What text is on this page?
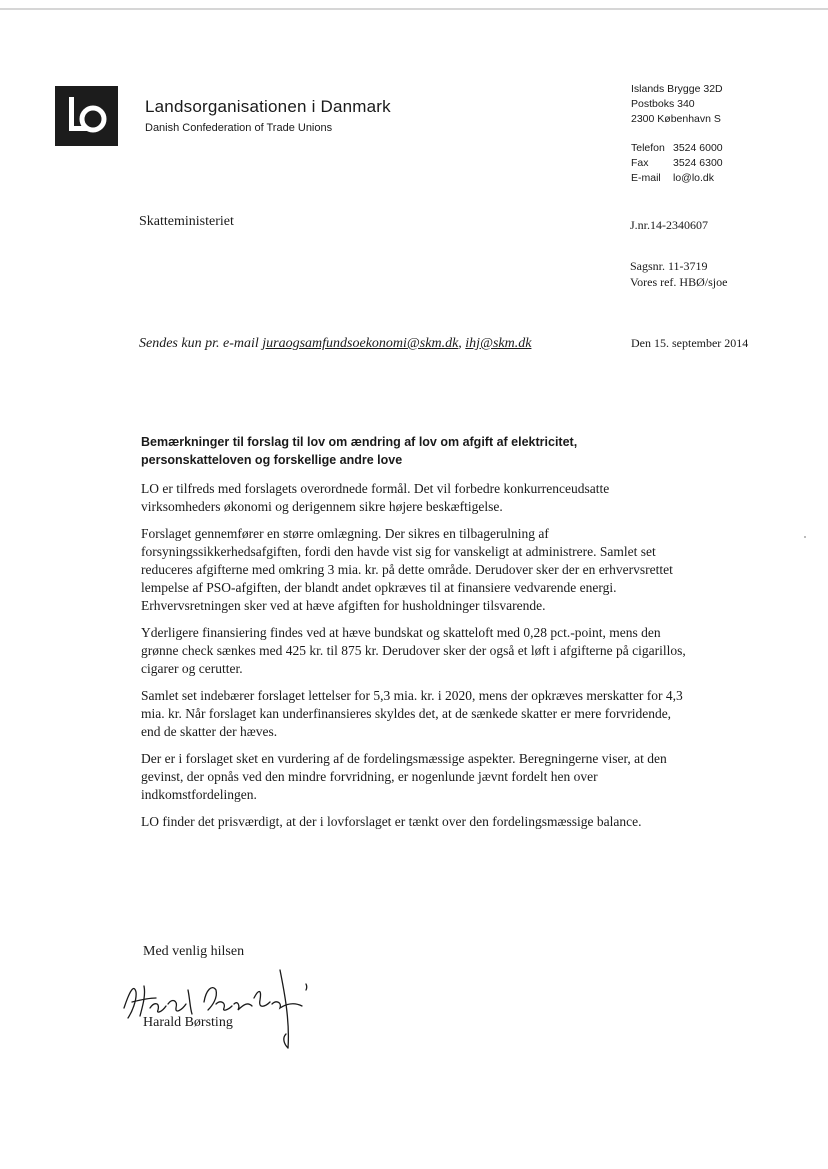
Landsorganisationen i Danmark
Danish Confederation of Trade Unions
Islands Brygge 32D
Postboks 340
2300 København S
Telefon 3524 6000
Fax 3524 6300
E-mail lo@lo.dk
Skatteministeriet	J.nr.14-2340607
Sagsnr. 11-3719
Vores ref. HBØ/sjoe
Sendes kun pr. e-mail juraogsamfundsoekonomi@skm.dk, ihj@skm.dk	Den 15. september 2014
Bemærkninger til forslag til lov om ændring af lov om afgift af elektricitet, personskatteloven og forskellige andre love

LO er tilfreds med forslagets overordnede formål. Det vil forbedre konkurrenceudsatte virksomheders økonomi og derigennem sikre højere beskæftigelse.

Forslaget gennemfører en større omlægning. Der sikres en tilbagerulning af forsyningssikkerhedsafgiften, fordi den havde vist sig for vanskeligt at administrere. Samlet set reduceres afgifterne med omkring 3 mia. kr. på dette område. Derudover sker der en erhvervsrettet lempelse af PSO-afgiften, der blandt andet opkræves til at finansiere vedvarende energi. Erhvervsretningen sker ved at hæve afgiften for husholdninger tilsvarende.

Yderligere finansiering findes ved at hæve bundskat og skatteloft med 0,28 pct.-point, mens den grønne check sænkes med 425 kr. til 875 kr. Derudover sker der også et løft i afgifterne på cigarillos, cigarer og cerutter.

Samlet set indebærer forslaget lettelser for 5,3 mia. kr. i 2020, mens der opkræves merskatter for 4,3 mia. kr. Når forslaget kan underfinansieres skyldes det, at de sænkede skatter er mere forvridende, end de skatter der hæves.

Der er i forslaget sket en vurdering af de fordelingsmæssige aspekter. Beregningerne viser, at den gevinst, der opnås ved den mindre forvridning, er nogenlunde jævnt fordelt hen over indkomstfordelingen.

LO finder det prisværdigt, at der i lovforslaget er tænkt over den fordelingsmæssige balance.

Med venlig hilsen
Harald Børsting
